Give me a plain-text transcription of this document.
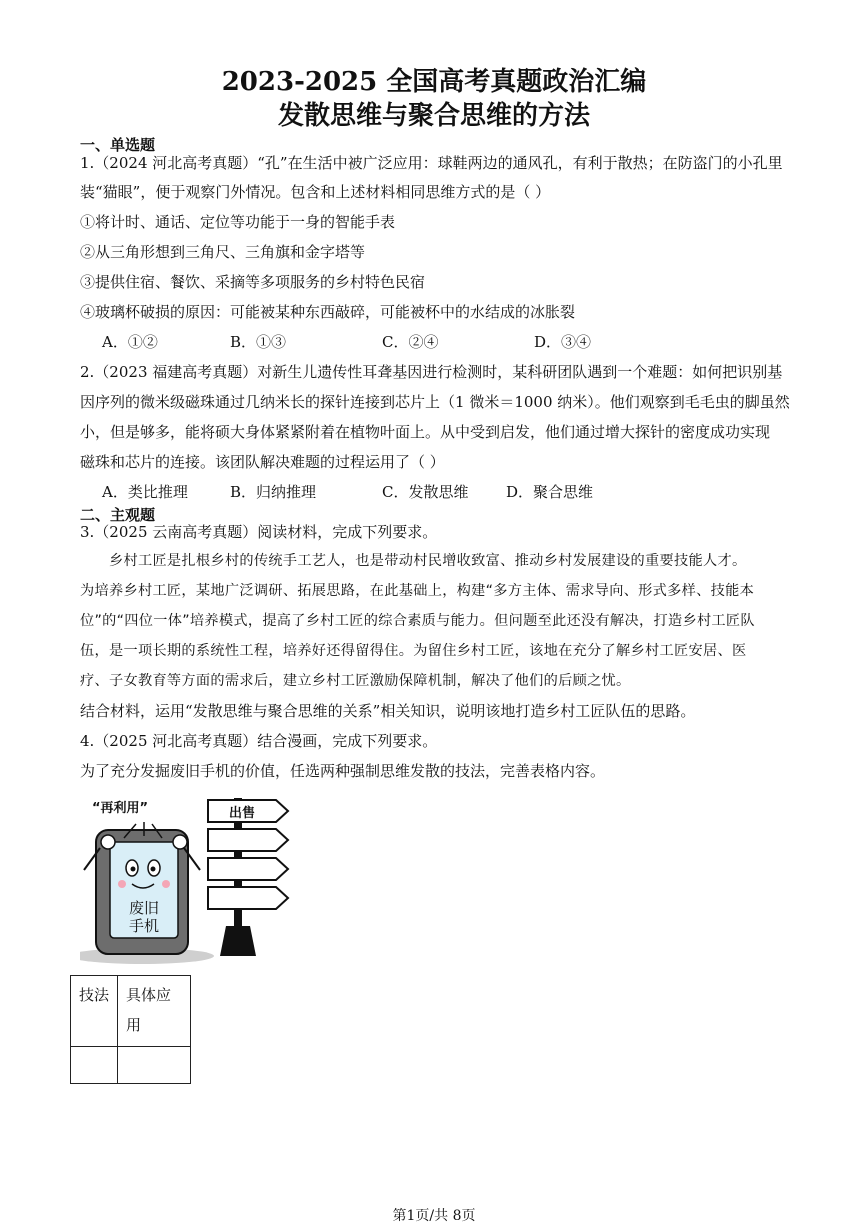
2023-2025 全国高考真题政治汇编
发散思维与聚合思维的方法
一、单选题
1.（2024 河北高考真题）“孔”在生活中被广泛应用：球鞋两边的通风孔，有利于散热；在防盗门的小孔里
装“猫眼”，便于观察门外情况。包含和上述材料相同思维方式的是（ ）
①将计时、通话、定位等功能于一身的智能手表
②从三角形想到三角尺、三角旗和金字塔等
③提供住宿、餐饮、采摘等多项服务的乡村特色民宿
④玻璃杯破损的原因：可能被某种东西敲碎，可能被杯中的水结成的冰胀裂
A．①②	B．①③	C．②④	D．③④
2.（2023 福建高考真题）对新生儿遗传性耳聋基因进行检测时，某科研团队遇到一个难题：如何把识别基
因序列的微米级磁珠通过几纳米长的探针连接到芯片上（1 微米＝1000 纳米）。他们观察到毛毛虫的脚虽然
小，但是够多，能将硕大身体紧紧附着在植物叶面上。从中受到启发，他们通过增大探针的密度成功实现
磁珠和芯片的连接。该团队解决难题的过程运用了（ ）
A．类比推理	B．归纳推理	C．发散思维	D．聚合思维
二、主观题
3.（2025 云南高考真题）阅读材料，完成下列要求。
　　乡村工匠是扎根乡村的传统手工艺人，也是带动村民增收致富、推动乡村发展建设的重要技能人才。
为培养乡村工匠，某地广泛调研、拓展思路，在此基础上，构建“多方主体、需求导向、形式多样、技能本
位”的“四位一体”培养模式，提高了乡村工匠的综合素质与能力。但问题至此还没有解决，打造乡村工匠队
伍，是一项长期的系统性工程，培养好还得留得住。为留住乡村工匠，该地在充分了解乡村工匠安居、医
疗、子女教育等方面的需求后，建立乡村工匠激励保障机制，解决了他们的后顾之忧。
结合材料，运用“发散思维与聚合思维的关系”相关知识，说明该地打造乡村工匠队伍的思路。
4.（2025 河北高考真题）结合漫画，完成下列要求。
为了充分发掘废旧手机的价值，任选两种强制思维发散的技法，完善表格内容。
废旧
手机
“再利用”	出售
技法	具体应用

第1页/共 8页
